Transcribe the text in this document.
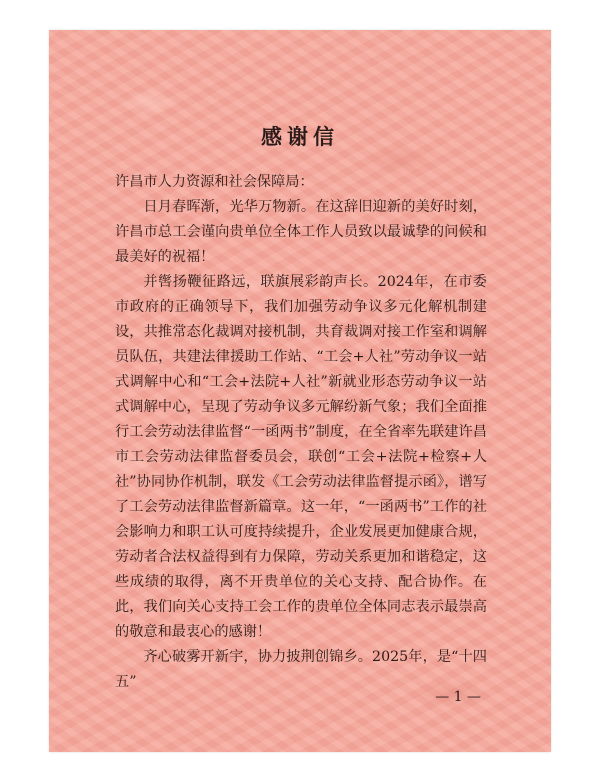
感谢信

许昌市人力资源和社会保障局：

日月春晖渐，光华万物新。在这辞旧迎新的美好时刻，许昌市总工会谨向贵单位全体工作人员致以最诚挚的问候和最美好的祝福！

并辔扬鞭征路远，联旗展彩韵声长。2024年，在市委市政府的正确领导下，我们加强劳动争议多元化解机制建设，共推常态化裁调对接机制，共育裁调对接工作室和调解员队伍，共建法律援助工作站、“工会+人社”劳动争议一站式调解中心和“工会+法院+人社”新就业形态劳动争议一站式调解中心，呈现了劳动争议多元解纷新气象；我们全面推行工会劳动法律监督“一函两书”制度，在全省率先联建许昌市工会劳动法律监督委员会，联创“工会+法院+检察+人社”协同协作机制，联发《工会劳动法律监督提示函》，谱写了工会劳动法律监督新篇章。这一年，“一函两书”工作的社会影响力和职工认可度持续提升，企业发展更加健康合规，劳动者合法权益得到有力保障，劳动关系更加和谐稳定，这些成绩的取得，离不开贵单位的关心支持、配合协作。在此，我们向关心支持工会工作的贵单位全体同志表示最崇高的敬意和最衷心的感谢！

齐心破雾开新宇，协力披荆创锦乡。2025年，是“十四五”

— 1 —
